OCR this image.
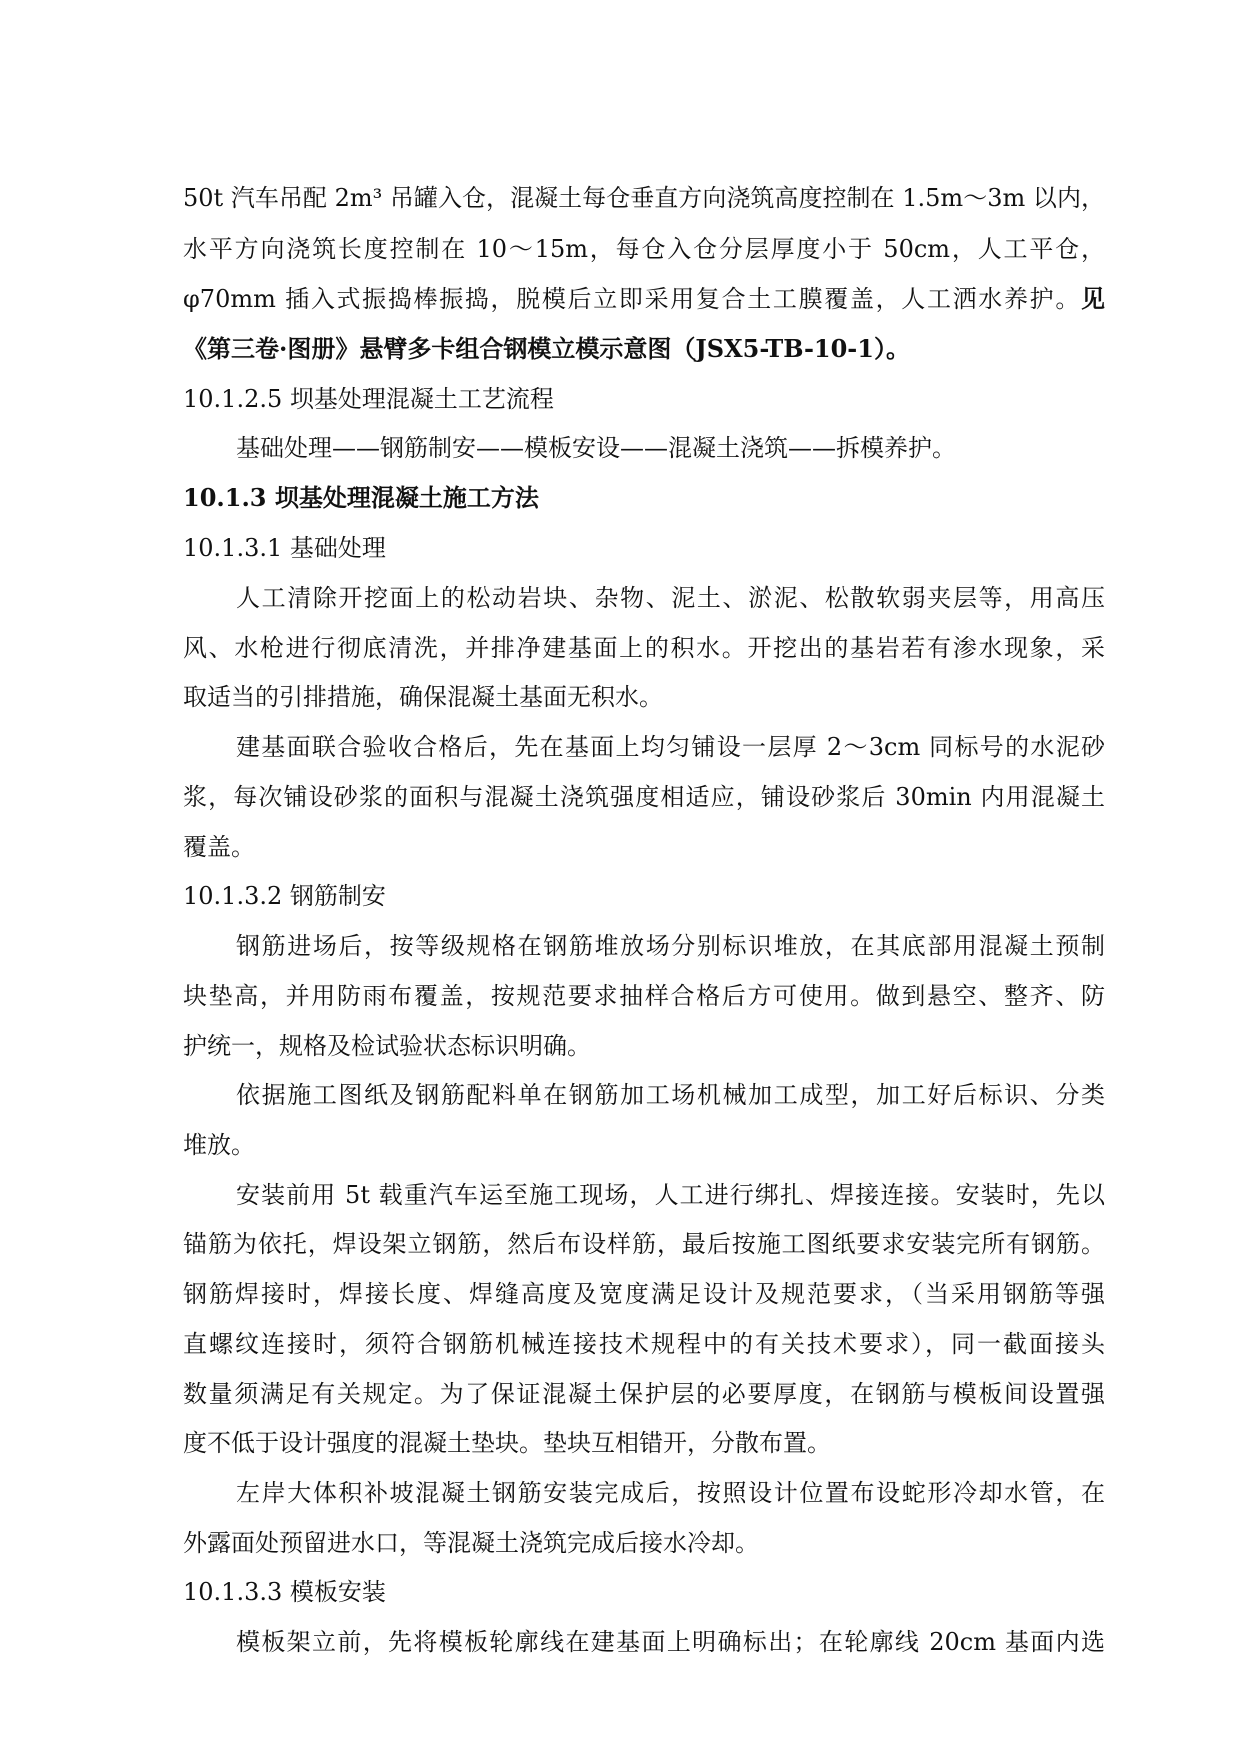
50t 汽车吊配 2m³ 吊罐入仓，混凝土每仓垂直方向浇筑高度控制在 1.5m～3m 以内，
水平方向浇筑长度控制在 10～15m，每仓入仓分层厚度小于 50cm，人工平仓，
φ70mm 插入式振捣棒振捣，脱模后立即采用复合土工膜覆盖，人工洒水养护。见
《第三卷·图册》悬臂多卡组合钢模立模示意图（JSX5-TB-10-1）。
10.1.2.5 坝基处理混凝土工艺流程
基础处理——钢筋制安——模板安设——混凝土浇筑——拆模养护。
10.1.3 坝基处理混凝土施工方法
10.1.3.1 基础处理
人工清除开挖面上的松动岩块、杂物、泥土、淤泥、松散软弱夹层等，用高压
风、水枪进行彻底清洗，并排净建基面上的积水。开挖出的基岩若有渗水现象，采
取适当的引排措施，确保混凝土基面无积水。
建基面联合验收合格后，先在基面上均匀铺设一层厚 2～3cm 同标号的水泥砂
浆，每次铺设砂浆的面积与混凝土浇筑强度相适应，铺设砂浆后 30min 内用混凝土
覆盖。
10.1.3.2 钢筋制安
钢筋进场后，按等级规格在钢筋堆放场分别标识堆放，在其底部用混凝土预制
块垫高，并用防雨布覆盖，按规范要求抽样合格后方可使用。做到悬空、整齐、防
护统一，规格及检试验状态标识明确。
依据施工图纸及钢筋配料单在钢筋加工场机械加工成型，加工好后标识、分类
堆放。
安装前用 5t 载重汽车运至施工现场，人工进行绑扎、焊接连接。安装时，先以
锚筋为依托，焊设架立钢筋，然后布设样筋，最后按施工图纸要求安装完所有钢筋。
钢筋焊接时，焊接长度、焊缝高度及宽度满足设计及规范要求，（当采用钢筋等强
直螺纹连接时，须符合钢筋机械连接技术规程中的有关技术要求），同一截面接头
数量须满足有关规定。为了保证混凝土保护层的必要厚度，在钢筋与模板间设置强
度不低于设计强度的混凝土垫块。垫块互相错开，分散布置。
左岸大体积补坡混凝土钢筋安装完成后，按照设计位置布设蛇形冷却水管，在
外露面处预留进水口，等混凝土浇筑完成后接水冷却。
10.1.3.3 模板安装
模板架立前，先将模板轮廓线在建基面上明确标出；在轮廓线 20cm 基面内选
